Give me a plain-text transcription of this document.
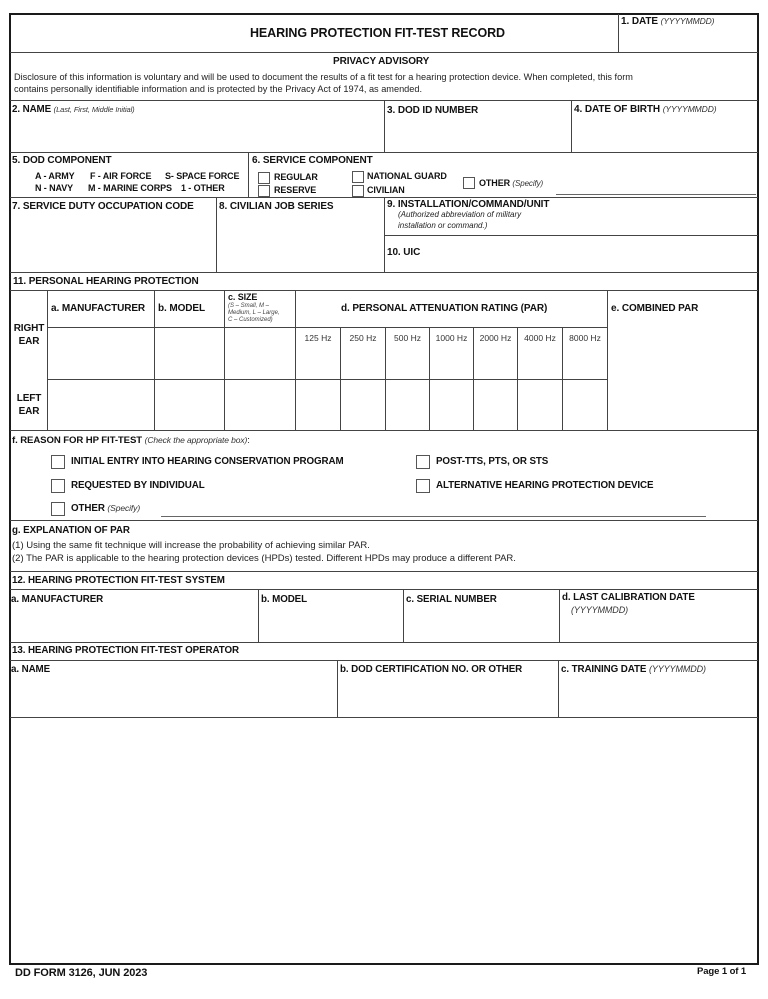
HEARING PROTECTION FIT-TEST RECORD
1. DATE (YYYYMMDD)
PRIVACY ADVISORY
Disclosure of this information is voluntary and will be used to document the results of a fit test for a hearing protection device. When completed, this form
contains personally identifiable information and is protected by the Privacy Act of 1974, as amended.
2. NAME (Last, First, Middle Initial)	3. DOD ID NUMBER	4. DATE OF BIRTH (YYYYMMDD)
5. DOD COMPONENT
A - ARMY F - AIR FORCE S- SPACE FORCE
N - NAVY M - MARINE CORPS 1 - OTHER
6. SERVICE COMPONENT
REGULAR
RESERVE
NATIONAL GUARD
CIVILIAN
OTHER (Specify)
7. SERVICE DUTY OCCUPATION CODE	8. CIVILIAN JOB SERIES	9. INSTALLATION/COMMAND/UNIT
(Authorized abbreviation of military
installation or command.)
10. UIC
11. PERSONAL HEARING PROTECTION
a. MANUFACTURER b. MODEL
c. SIZE
(S – Small, M –
Medium, L – Large,
C – Customized)
d. PERSONAL ATTENUATION RATING (PAR)	e. COMBINED PAR
125 Hz	250 Hz	500 Hz	1000 Hz	2000 Hz	4000 Hz	8000 Hz
RIGHT
EAR
LEFT
EAR
f. REASON FOR HP FIT-TEST (Check the appropriate box):
INITIAL ENTRY INTO HEARING CONSERVATION PROGRAM
REQUESTED BY INDIVIDUAL
OTHER (Specify)
POST-TTS, PTS, OR STS
ALTERNATIVE HEARING PROTECTION DEVICE
g. EXPLANATION OF PAR
(1) Using the same fit technique will increase the probability of achieving similar PAR.
(2) The PAR is applicable to the hearing protection devices (HPDs) tested. Different HPDs may produce a different PAR.
12. HEARING PROTECTION FIT-TEST SYSTEM
a. MANUFACTURER	b. MODEL	c. SERIAL NUMBER	d. LAST CALIBRATION DATE
(YYYYMMDD)
13. HEARING PROTECTION FIT-TEST OPERATOR
a. NAME	b. DOD CERTIFICATION NO. OR OTHER	c. TRAINING DATE (YYYYMMDD)
DD FORM 3126, JUN 2023	Page 1 of 1
